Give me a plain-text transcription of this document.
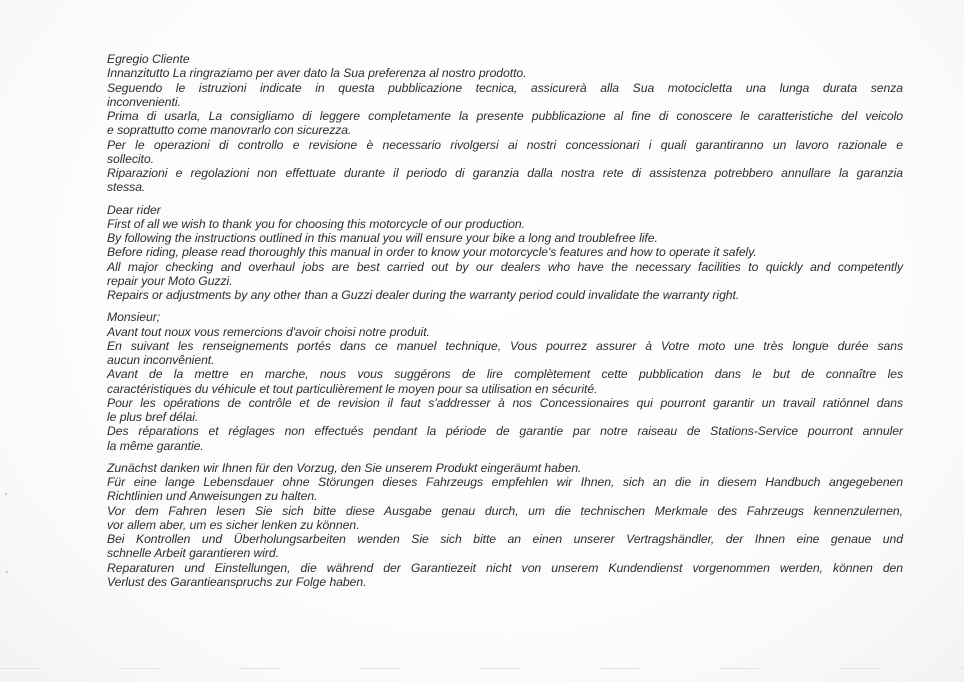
Egregio Cliente
Innanzitutto La ringraziamo per aver dato la Sua preferenza al nostro prodotto.
Seguendo le istruzioni indicate in questa pubblicazione tecnica, assicurerà alla Sua motocicletta una lunga durata senza
inconvenienti.
Prima di usarla, La consigliamo di leggere completamente la presente pubblicazione al fine di conoscere le caratteristiche del veicolo
e soprattutto come manovrarlo con sicurezza.
Per le operazioni di controllo e revisione è necessario rivolgersi ai nostri concessionari i quali garantiranno un lavoro razionale e
sollecito.
Riparazioni e regolazioni non effettuate durante il periodo di garanzia dalla nostra rete di assistenza potrebbero annullare la garanzia
stessa.
Dear rider
First of all we wish to thank you for choosing this motorcycle of our production.
By following the instructions outlined in this manual you will ensure your bike a long and troublefree life.
Before riding, please read thoroughly this manual in order to know your motorcycle's features and how to operate it safely.
All major checking and overhaul jobs are best carried out by our dealers who have the necessary facilities to quickly and competently
repair your Moto Guzzi.
Repairs or adjustments by any other than a Guzzi dealer during the warranty period could invalidate the warranty right.
Monsieur;
Avant tout noux vous remercions d'avoir choisi notre produit.
En suivant les renseignements portés dans ce manuel technique, Vous pourrez assurer à Votre moto une très longue durée sans
aucun inconvênient.
Avant de la mettre en marche, nous vous suggérons de lire complètement cette pubblication dans le but de connaître les
caractéristiques du véhicule et tout particulièrement le moyen pour sa utilisation en sécurité.
Pour les opérations de contrôle et de revision il faut s'addresser à nos Concessionaires qui pourront garantir un travail ratiónnel dans
le plus bref délai.
Des réparations et réglages non effectués pendant la période de garantie par notre raiseau de Stations-Service pourront annuler
la même garantie.
Zunächst danken wir Ihnen für den Vorzug, den Sie unserem Produkt eingeräumt haben.
Für eine lange Lebensdauer ohne Störungen dieses Fahrzeugs empfehlen wir Ihnen, sich an die in diesem Handbuch angegebenen
Richtlinien und Anweisungen zu halten.
Vor dem Fahren lesen Sie sich bitte diese Ausgabe genau durch, um die technischen Merkmale des Fahrzeugs kennenzulernen,
vor allem aber, um es sicher lenken zu können.
Bei Kontrollen und Überholungsarbeiten wenden Sie sich bitte an einen unserer Vertragshändler, der Ihnen eine genaue und
schnelle Arbeit garantieren wird.
Reparaturen und Einstellungen, die während der Garantiezeit nicht von unserem Kundendienst vorgenommen werden, können den
Verlust des Garantieanspruchs zur Folge haben.
